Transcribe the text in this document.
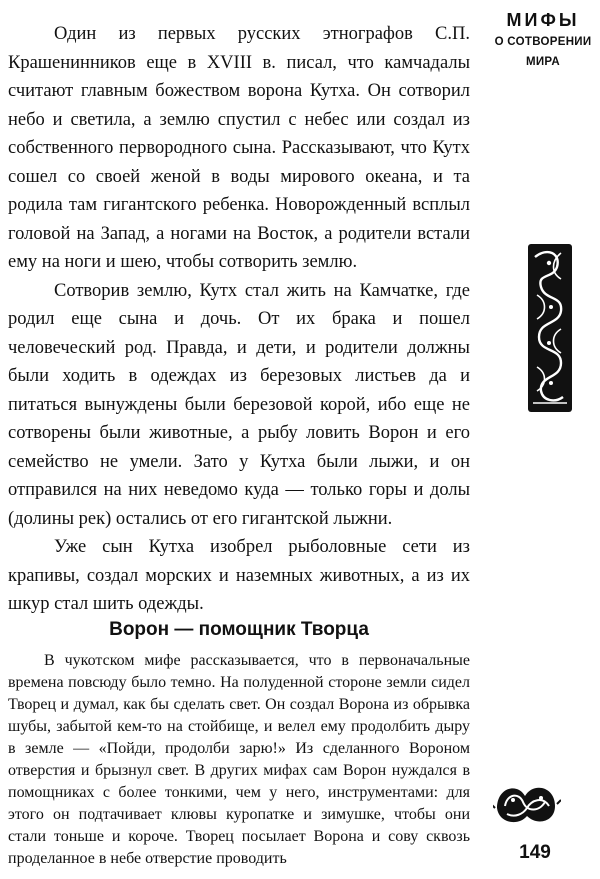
Один из первых русских этнографов С.П. Крашенинников еще в XVIII в. писал, что камчадалы считают главным божеством ворона Кутха. Он сотворил небо и светила, а землю спустил с небес или создал из собственного первородного сына. Рассказывают, что Кутх сошел со своей женой в воды мирового океана, и та родила там гигантского ребенка. Новорожденный всплыл головой на Запад, а ногами на Восток, а родители встали ему на ноги и шею, чтобы сотворить землю.

Сотворив землю, Кутх стал жить на Камчатке, где родил еще сына и дочь. От их брака и пошел человеческий род. Правда, и дети, и родители должны были ходить в одеждах из березовых листьев да и питаться вынуждены были березовой корой, ибо еще не сотворены были животные, а рыбу ловить Ворон и его семейство не умели. Зато у Кутха были лыжи, и он отправился на них неведомо куда — только горы и долы (долины рек) остались от его гигантской лыжни.

Уже сын Кутха изобрел рыболовные сети из крапивы, создал морских и наземных животных, а из их шкур стал шить одежды.

Ворон — помощник Творца

В чукотском мифе рассказывается, что в первоначальные времена повсюду было темно. На полуденной стороне земли сидел Творец и думал, как бы сделать свет. Он создал Ворона из обрывка шубы, забытой кем-то на стойбище, и велел ему продолбить дыру в земле — «Пойди, продолби зарю!» Из сделанного Вороном отверстия и брызнул свет. В других мифах сам Ворон нуждался в помощниках с более тонкими, чем у него, инструментами: для этого он подтачивает клювы куропатке и зимушке, чтобы они стали тоньше и короче. Творец посылает Ворона и сову сквозь проделанное в небе отверстие проводить

МИФЫ
О СОТВОРЕНИИ
МИРА
149
